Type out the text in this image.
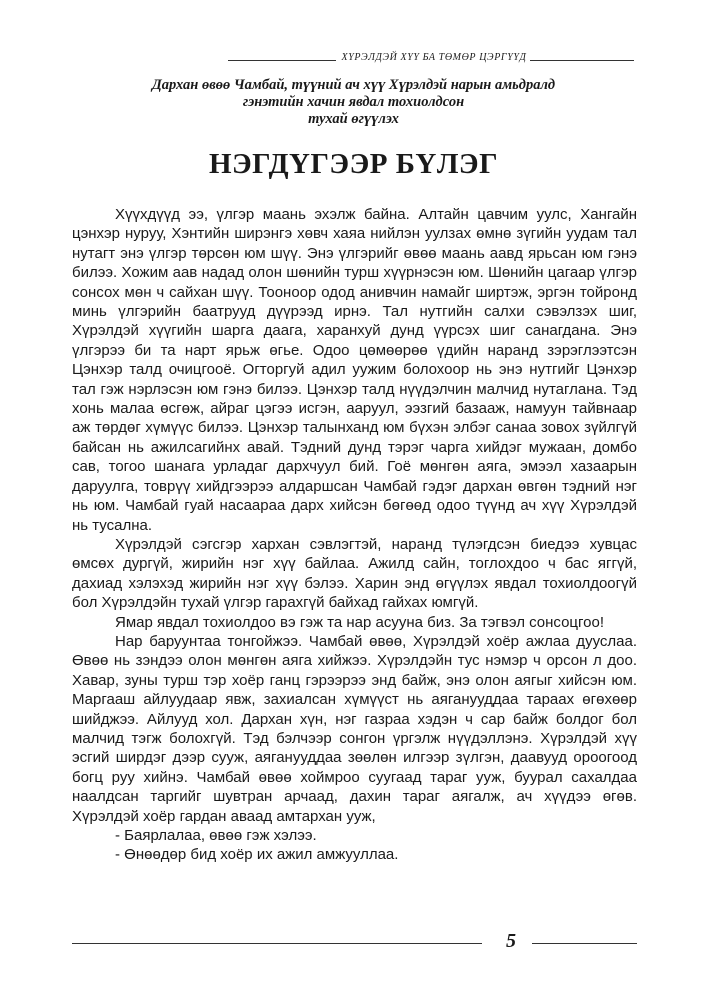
ХҮРЭЛДЭЙ ХҮҮ БА ТӨМӨР ЦЭРГҮҮД
Дархан өвөө Чамбай, түүний ач хүү Хүрэлдэй нарын амьдралд
гэнэтийн хачин явдал тохиолдсон
тухай өгүүлэх
НЭГДҮГЭЭР БҮЛЭГ

Хүүхдүүд ээ, үлгэр маань эхэлж байна. Алтайн цавчим уулс, Хангайн цэнхэр нуруу, Хэнтийн ширэнгэ хөвч хаяа нийлэн уулзах өмнө зүгийн уудам тал нутагт энэ үлгэр төрсөн юм шүү. Энэ үлгэрийг өвөө маань аавд ярьсан юм гэнэ билээ. Хожим аав надад олон шөнийн турш хүүрнэсэн юм. Шөнийн цагаар үлгэр сонсох мөн ч сайхан шүү. Тооноор одод анивчин намайг ширтэж, эргэн тойронд минь үлгэрийн баатрууд дүүрээд ирнэ. Тал нутгийн салхи сэвэлзэх шиг, Хүрэлдэй хүүгийн шарга даага, харанхуй дунд үүрсэх шиг санагдана. Энэ үлгэрээ би та нарт ярьж өгье. Одоо цөмөөрөө үдийн наранд зэрэглээтсэн Цэнхэр талд очицгооё. Огторгуй адил уужим болохоор нь энэ нутгийг Цэнхэр тал гэж нэрлэсэн юм гэнэ билээ. Цэнхэр талд нүүдэлчин малчид нутаглана. Тэд хонь малаа өсгөж, айраг цэгээ исгэн, ааруул, ээзгий базааж, намуун тайвнаар аж төрдөг хүмүүс билээ. Цэнхэр талынханд юм бүхэн элбэг санаа зовох зүйлгүй байсан нь ажилсагийнх авай. Тэдний дунд тэрэг чарга хийдэг мужаан, домбо сав, тогоо шанага урладаг дархчуул бий. Гоё мөнгөн аяга, эмээл хазаарын даруулга, товрүү хийдгээрээ алдаршсан Чамбай гэдэг дархан өвгөн тэдний нэг нь юм. Чамбай гуай насаараа дарх хийсэн бөгөөд одоо түүнд ач хүү Хүрэлдэй нь тусална.

Хүрэлдэй сэгсгэр хархан сэвлэгтэй, наранд түлэгдсэн биедээ хувцас өмсөх дургүй, жирийн нэг хүү байлаа. Ажилд сайн, тоглохдоо ч бас яггүй, дахиад хэлэхэд жирийн нэг хүү бэлээ. Харин энд өгүүлэх явдал тохиолдоогүй бол Хүрэлдэйн тухай үлгэр гарахгүй байхад гайхах юмгүй.

Ямар явдал тохиолдоо вэ гэж та нар асууна биз. За тэгвэл сонсоцгоо!

Нар баруунтаа тонгойжээ. Чамбай өвөө, Хүрэлдэй хоёр ажлаа дууслаа. Өвөө нь зэндээ олон мөнгөн аяга хийжээ. Хүрэлдэйн тус нэмэр ч орсон л доо. Хавар, зуны турш тэр хоёр ганц гэрээрээ энд байж, энэ олон аягыг хийсэн юм. Маргааш айлуудаар явж, захиалсан хүмүүст нь аяганууддаа тараах өгөхөөр шийджээ. Айлууд хол. Дархан хүн, нэг газраа хэдэн ч сар байж болдог бол малчид тэгж болохгүй. Тэд бэлчээр сонгон үргэлж нүүдэллэнэ. Хүрэлдэй хүү эсгий ширдэг дээр сууж, аяганууддаа зөөлөн илгээр зүлгэн, даавууд ороогоод богц руу хийнэ. Чамбай өвөө хоймроо суугаад тараг ууж, буурал сахалдаа наалдсан таргийг шувтран арчаад, дахин тараг аягалж, ач хүүдээ өгөв. Хүрэлдэй хоёр гардан аваад амтархан ууж,

- Баярлалаа, өвөө гэж хэлээ.

- Өнөөдөр бид хоёр их ажил амжууллаа.

5
